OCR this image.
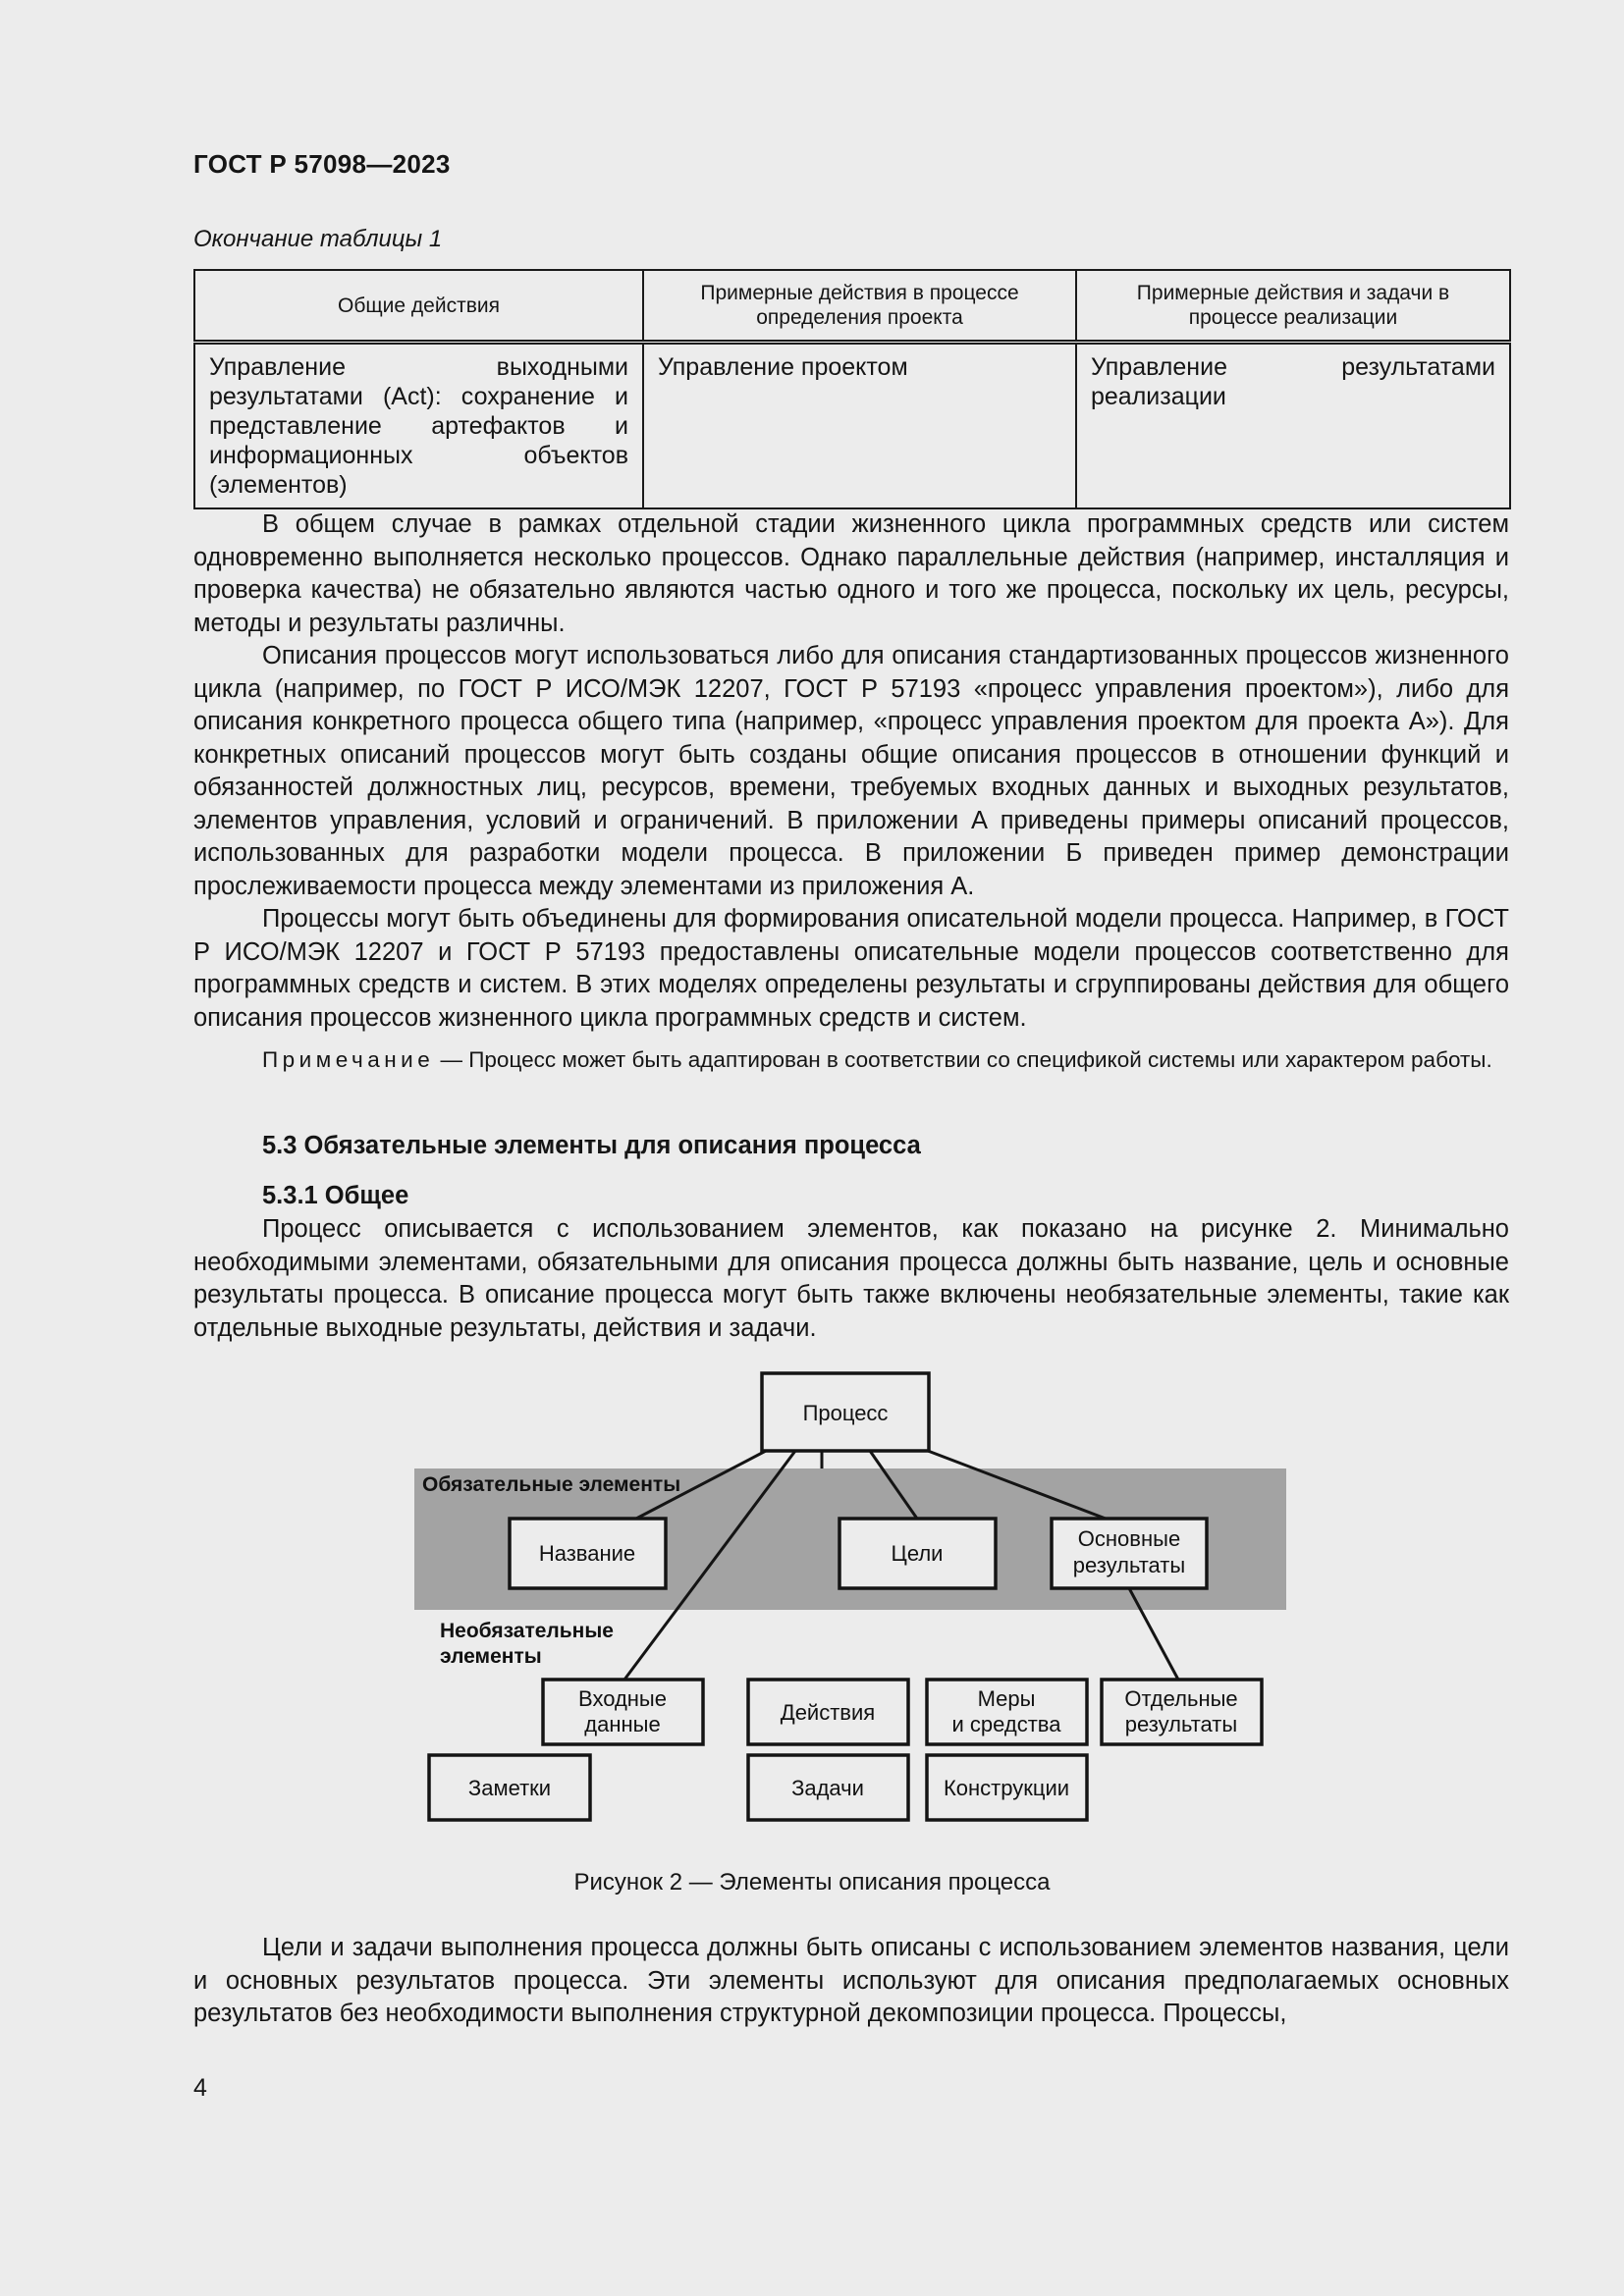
ГОСТ Р 57098—2023
Окончание таблицы 1
Общие действия	Примерные действия в процессе определения проекта	Примерные действия и задачи в процессе реализации
Управление выходными результатами (Act): сохранение и представление артефактов и информационных объектов (элементов)	Управление проектом	Управление результатами реализации

В общем случае в рамках отдельной стадии жизненного цикла программных средств или систем одновременно выполняется несколько процессов. Однако параллельные действия (например, инсталляция и проверка качества) не обязательно являются частью одного и того же процесса, поскольку их цель, ресурсы, методы и результаты различны.

Описания процессов могут использоваться либо для описания стандартизованных процессов жизненного цикла (например, по ГОСТ Р ИСО/МЭК 12207, ГОСТ Р 57193 «процесс управления проектом»), либо для описания конкретного процесса общего типа (например, «процесс управления проектом для проекта А»). Для конкретных описаний процессов могут быть созданы общие описания процессов в отношении функций и обязанностей должностных лиц, ресурсов, времени, требуемых входных данных и выходных результатов, элементов управления, условий и ограничений. В приложении А приведены примеры описаний процессов, использованных для разработки модели процесса. В приложении Б приведен пример демонстрации прослеживаемости процесса между элементами из приложения А.

Процессы могут быть объединены для формирования описательной модели процесса. Например, в ГОСТ Р ИСО/МЭК 12207 и ГОСТ Р 57193 предоставлены описательные модели процессов соответственно для программных средств и систем. В этих моделях определены результаты и сгруппированы действия для общего описания процессов жизненного цикла программных средств и систем.

Примечание — Процесс может быть адаптирован в соответствии со спецификой системы или характером работы.
5.3 Обязательные элементы для описания процесса
5.3.1 Общее

Процесс описывается с использованием элементов, как показано на рисунке 2. Минимально необходимыми элементами, обязательными для описания процесса должны быть название, цель и основные результаты процесса. В описание процесса могут быть также включены необязательные элементы, такие как отдельные выходные результаты, действия и задачи.

Обязательные элементы
Процесс
Название	Цели
Основные
результаты
Входные
данные	Действия
Меры
и средства
Отдельные
результаты
Заметки	Задачи	Конструкции
Необязательные
элементы
Рисунок 2 — Элементы описания процесса

Цели и задачи выполнения процесса должны быть описаны с использованием элементов названия, цели и основных результатов процесса. Эти элементы используют для описания предполагаемых основных результатов без необходимости выполнения структурной декомпозиции процесса. Процессы,

4
